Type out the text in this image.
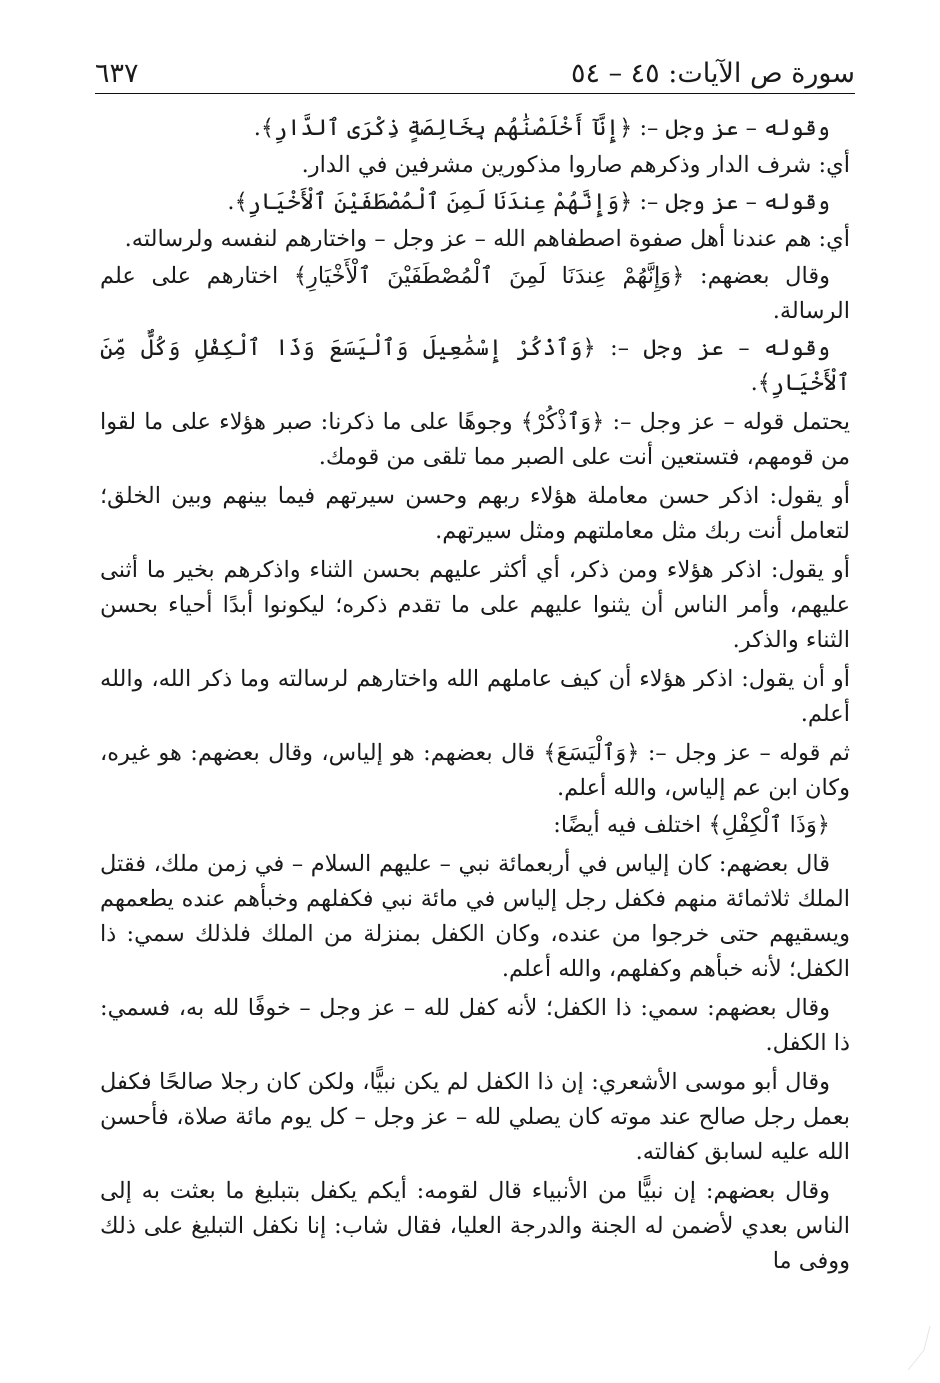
سورة ص الآيات: ٤٥ – ٥٤
٦٣٧

وقوله – عز وجل –: ﴿إِنَّآ أَخْلَصْنَٰهُم بِخَالِصَةٍ ذِكْرَى ٱلدَّارِ﴾.

أي: شرف الدار وذكرهم صاروا مذكورين مشرفين في الدار.

وقوله – عز وجل –: ﴿وَإِنَّهُمْ عِندَنَا لَمِنَ ٱلْمُصْطَفَيْنَ ٱلْأَخْيَارِ﴾.

أي: هم عندنا أهل صفوة اصطفاهم الله – عز وجل – واختارهم لنفسه ولرسالته.

وقال بعضهم: ﴿وَإِنَّهُمْ عِندَنَا لَمِنَ ٱلْمُصْطَفَيْنَ ٱلْأَخْيَارِ﴾ اختارهم على علم الرسالة.

وقوله – عز وجل –: ﴿وَٱذْكُرْ إِسْمَٰعِيلَ وَٱلْيَسَعَ وَذَا ٱلْكِفْلِ وَكُلٌّ مِّنَ ٱلْأَخْيَارِ﴾.

يحتمل قوله – عز وجل –: ﴿وَٱذْكُرْ﴾ وجوهًا على ما ذكرنا: صبر هؤلاء على ما لقوا من قومهم، فتستعين أنت على الصبر مما تلقى من قومك.

أو يقول: اذكر حسن معاملة هؤلاء ربهم وحسن سيرتهم فيما بينهم وبين الخلق؛ لتعامل أنت ربك مثل معاملتهم ومثل سيرتهم.

أو يقول: اذكر هؤلاء ومن ذكر، أي أكثر عليهم بحسن الثناء واذكرهم بخير ما أثنى عليهم، وأمر الناس أن يثنوا عليهم على ما تقدم ذكره؛ ليكونوا أبدًا أحياء بحسن الثناء والذكر.

أو أن يقول: اذكر هؤلاء أن كيف عاملهم الله واختارهم لرسالته وما ذكر الله، والله أعلم.

ثم قوله – عز وجل –: ﴿وَٱلْيَسَعَ﴾ قال بعضهم: هو إلياس، وقال بعضهم: هو غيره، وكان ابن عم إلياس، والله أعلم.

﴿وَذَا ٱلْكِفْلِ﴾ اختلف فيه أيضًا:

قال بعضهم: كان إلياس في أربعمائة نبي – عليهم السلام – في زمن ملك، فقتل الملك ثلاثمائة منهم فكفل رجل إلياس في مائة نبي فكفلهم وخبأهم عنده يطعمهم ويسقيهم حتى خرجوا من عنده، وكان الكفل بمنزلة من الملك فلذلك سمي: ذا الكفل؛ لأنه خبأهم وكفلهم، والله أعلم.

وقال بعضهم: سمي: ذا الكفل؛ لأنه كفل لله – عز وجل – خوفًا لله به، فسمي: ذا الكفل.

وقال أبو موسى الأشعري: إن ذا الكفل لم يكن نبيًّا، ولكن كان رجلا صالحًا فكفل بعمل رجل صالح عند موته كان يصلي لله – عز وجل – كل يوم مائة صلاة، فأحسن الله عليه لسابق كفالته.

وقال بعضهم: إن نبيًّا من الأنبياء قال لقومه: أيكم يكفل بتبليغ ما بعثت به إلى الناس بعدي لأضمن له الجنة والدرجة العليا، فقال شاب: إنا نكفل التبليغ على ذلك ووفى ما
